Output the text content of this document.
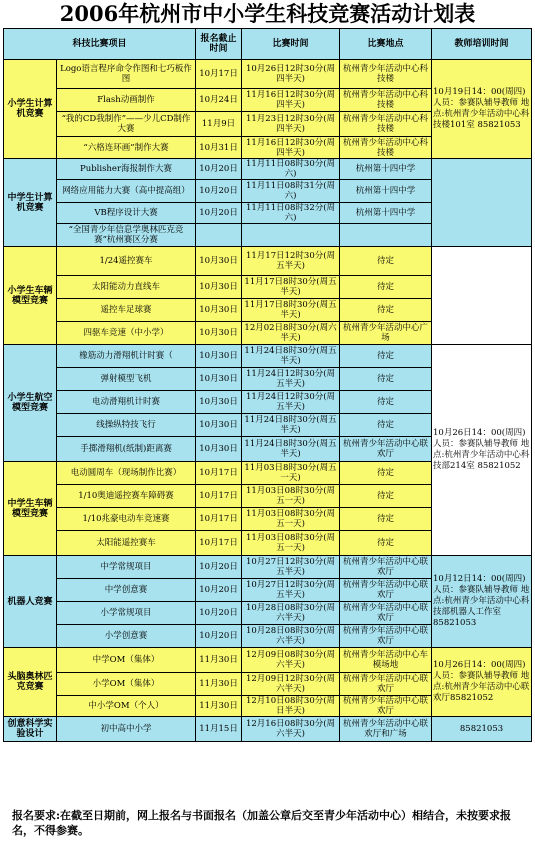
2006年杭州市中小学生科技竞赛活动计划表
科技比赛项目		报名截止时间	比赛时间	比赛地点	教师培训时间
小学生计算机竞赛	Logo语言程序命令作图和七巧板作图	10月17日	10月26日12时30分(周四半天)	杭州青少年活动中心科技楼	10月19日14：00(周四) 人员：参赛队辅导教师 地点:杭州青少年活动中心科技楼101室 85821053
	Flash动画制作	10月24日	11月16日12时30分(周四半天)	杭州青少年活动中心科技楼	
	“我的CD我制作”——少儿CD制作大赛	11月9日	11月23日12时30分(周四半天)	杭州青少年活动中心科技楼	
	“六格连环画”制作大赛	10月31日	11月16日12时30分(周四半天)	杭州青少年活动中心科技楼	
中学生计算机竞赛	Publisher海报制作大赛	10月20日	11月11日08时30分(周六)	杭州第十四中学	
	网络应用能力大赛（高中提高组）	10月20日	11月11日08时31分(周六)	杭州第十四中学	
	VB程序设计大赛	10月20日	11月11日08时32分(周六)	杭州第十四中学	
	“全国青少年信息学奥林匹克竞赛”杭州赛区分赛				
小学生车辆模型竞赛	1/24遥控赛车	10月30日	11月17日12时30分(周五半天)	待定	
	太阳能动力直线车	10月30日	11月17日8时30分(周五半天)	待定	
	遥控车足球赛	10月30日	11月17日8时30分(周五半天)	待定	
	四驱车竞速（中小学）	10月30日	12月02日8时30分(周六半天)	杭州青少年活动中心广场	
小学生航空模型竞赛	橡筋动力滑翔机计时赛（	10月30日	11月24日8时30分(周五半天)	待定	10月26日14：00(周四) 人员：参赛队辅导教师 地点:杭州青少年活动中心科技部214室 85821052
	弹射模型飞机	10月30日	11月24日12时30分(周五半天)	待定	
	电动滑翔机计时赛	10月30日	11月24日12时30分(周五半天)	待定	
	线操纵特技飞行	10月30日	11月24日8时30分(周五半天)	待定	
	手掷滑翔机(纸制)距离赛	10月30日	11月24日8时30分(周五半天)	杭州青少年活动中心联欢厅	
中学生车辆模型竞赛	电动圆周车（现场制作比赛）	10月17日	11月03日8时30分(周五一天)	待定	
	1/10奥迪遥控赛车障碍赛	10月17日	11月03日08时30分(周五一天)	待定	
	1/10兆豪电动车竞速赛	10月17日	11月03日08时30分(周五一天)	待定	
	太阳能遥控赛车	10月17日	11月03日08时30分(周五一天)	待定	
机器人竞赛	中学常规项目	10月20日	10月27日12时30分(周五半天)	杭州青少年活动中心联欢厅	10月12日14：00(周四) 人员：参赛队辅导教师 地点:杭州青少年活动中心科技部机器人工作室85821053
	中学创意赛	10月20日	10月27日12时30分(周五半天)	杭州青少年活动中心联欢厅	
	小学常规项目	10月20日	10月28日08时30分(周六半天)	杭州青少年活动中心联欢厅	
	小学创意赛	10月20日	10月28日08时30分(周六半天)	杭州青少年活动中心联欢厅	
头脑奥林匹克竞赛	中学OM（集体）	11月30日	12月09日08时30分(周六半天)	杭州青少年活动中心车模场地	10月26日14：00(周四) 人员：参赛队辅导教师 地点:杭州青少年活动中心联欢厅85821052
	小学OM（集体）	11月30日	12月09日12时30分(周六半天)	杭州青少年活动中心联欢厅	
	中小学OM（个人）	11月30日	12月10日08时30分(周日半天)	杭州青少年活动中心联欢厅	
创意科学实验设计	初中高中小学	11月15日	12月16日08时30分(周六半天)	杭州青少年活动中心联欢厅和广场	85821053
报名要求:在截至日期前，网上报名与书面报名（加盖公章后交至青少年活动中心）相结合，未按要求报名，不得参赛。
